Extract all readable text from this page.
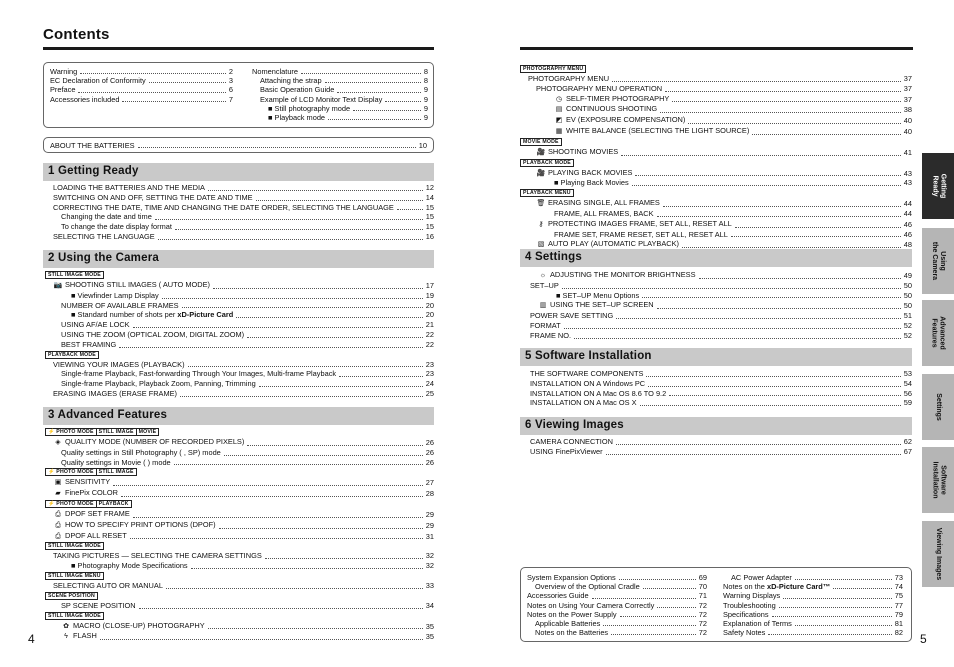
Contents
Warning	2
EC Declaration of Conformity	3
Preface	6
Accessories included	7
Nomenclature	8
Attaching the strap	8
Basic Operation Guide	9
Example of LCD Monitor Text Display	9
■ Still photography mode	9
■ Playback mode	9
ABOUT THE BATTERIES	10
1 Getting Ready
LOADING THE BATTERIES AND THE MEDIA	12
SWITCHING ON AND OFF, SETTING THE DATE AND TIME	14
CORRECTING THE DATE, TIME AND CHANGING THE DATE ORDER, SELECTING THE LANGUAGE	15
Changing the date and time	15
To change the date display format	15
SELECTING THE LANGUAGE	16
2 Using the Camera
STILL IMAGE MODE
📷 SHOOTING STILL IMAGES ( AUTO MODE)	17
■ Viewfinder Lamp Display	19
NUMBER OF AVAILABLE FRAMES	20
■ Standard number of shots per xD-Picture Card	20
USING AF/AE LOCK	21
USING THE ZOOM (OPTICAL ZOOM, DIGITAL ZOOM)	22
BEST FRAMING	22
PLAYBACK MODE
VIEWING YOUR IMAGES (PLAYBACK)	23
Single-frame Playback, Fast-forwarding Through Your Images, Multi-frame Playback	23
Single-frame Playback, Playback Zoom, Panning, Trimming	24
ERASING IMAGES (ERASE FRAME)	25
3 Advanced Features
⚡ PHOTO MODE STILL IMAGE MOVIE
◈ QUALITY MODE (NUMBER OF RECORDED PIXELS)	26
Quality settings in Still Photography ( , SP) mode	26
Quality settings in Movie ( ) mode	26
⚡ PHOTO MODE STILL IMAGE
▣ SENSITIVITY	27
▰ FinePix COLOR	28
⚡ PHOTO MODE PLAYBACK
⎙ DPOF SET FRAME	29
⎙ HOW TO SPECIFY PRINT OPTIONS (DPOF)	29
⎙ DPOF ALL RESET	31
STILL IMAGE MODE
TAKING PICTURES — SELECTING THE CAMERA SETTINGS	32
■ Photography Mode Specifications	32
STILL IMAGE MENU
SELECTING AUTO OR MANUAL	33
SCENE POSITION
SP SCENE POSITION	34
STILL IMAGE MODE
✿ MACRO (CLOSE-UP) PHOTOGRAPHY	35
ϟ FLASH	35
4
PHOTOGRAPHY MENU
PHOTOGRAPHY MENU	37
PHOTOGRAPHY MENU OPERATION	37
◷ SELF-TIMER PHOTOGRAPHY	37
▤ CONTINUOUS SHOOTING	38
◩ EV (EXPOSURE COMPENSATION)	40
▦ WHITE BALANCE (SELECTING THE LIGHT SOURCE)	40
MOVIE MODE
🎥 SHOOTING MOVIES	41
PLAYBACK MODE
🎥 PLAYING BACK MOVIES	43
■ Playing Back Movies	43
PLAYBACK MENU
🗑 ERASING SINGLE, ALL FRAMES	44
FRAME, ALL FRAMES, BACK	44
⚷ PROTECTING IMAGES FRAME, SET ALL, RESET ALL	46
FRAME SET, FRAME RESET, SET ALL, RESET ALL	46
▧ AUTO PLAY (AUTOMATIC PLAYBACK)	48
4 Settings
☼ ADJUSTING THE MONITOR BRIGHTNESS	49
SET–UP	50
■ SET–UP Menu Options	50
▥ USING THE SET–UP SCREEN	50
POWER SAVE SETTING	51
FORMAT	52
FRAME NO.	52
5 Software Installation
THE SOFTWARE COMPONENTS	53
INSTALLATION ON A Windows PC	54
INSTALLATION ON A Mac OS 8.6 TO 9.2	56
INSTALLATION ON A Mac OS X	59
6 Viewing Images
CAMERA CONNECTION	62
USING FinePixViewer	67
System Expansion Options	69
Overview of the Optional Cradle	70
Accessories Guide	71
Notes on Using Your Camera Correctly	72
Notes on the Power Supply	72
Applicable Batteries	72
Notes on the Batteries	72
AC Power Adapter	73
Notes on the xD-Picture Card™	74
Warning Displays	75
Troubleshooting	77
Specifications	79
Explanation of Terms	81
Safety Notes	82 5
Getting
Ready
Using
the Camera
Advanced
Features
Settings
Software
Installation
Viewing Images
